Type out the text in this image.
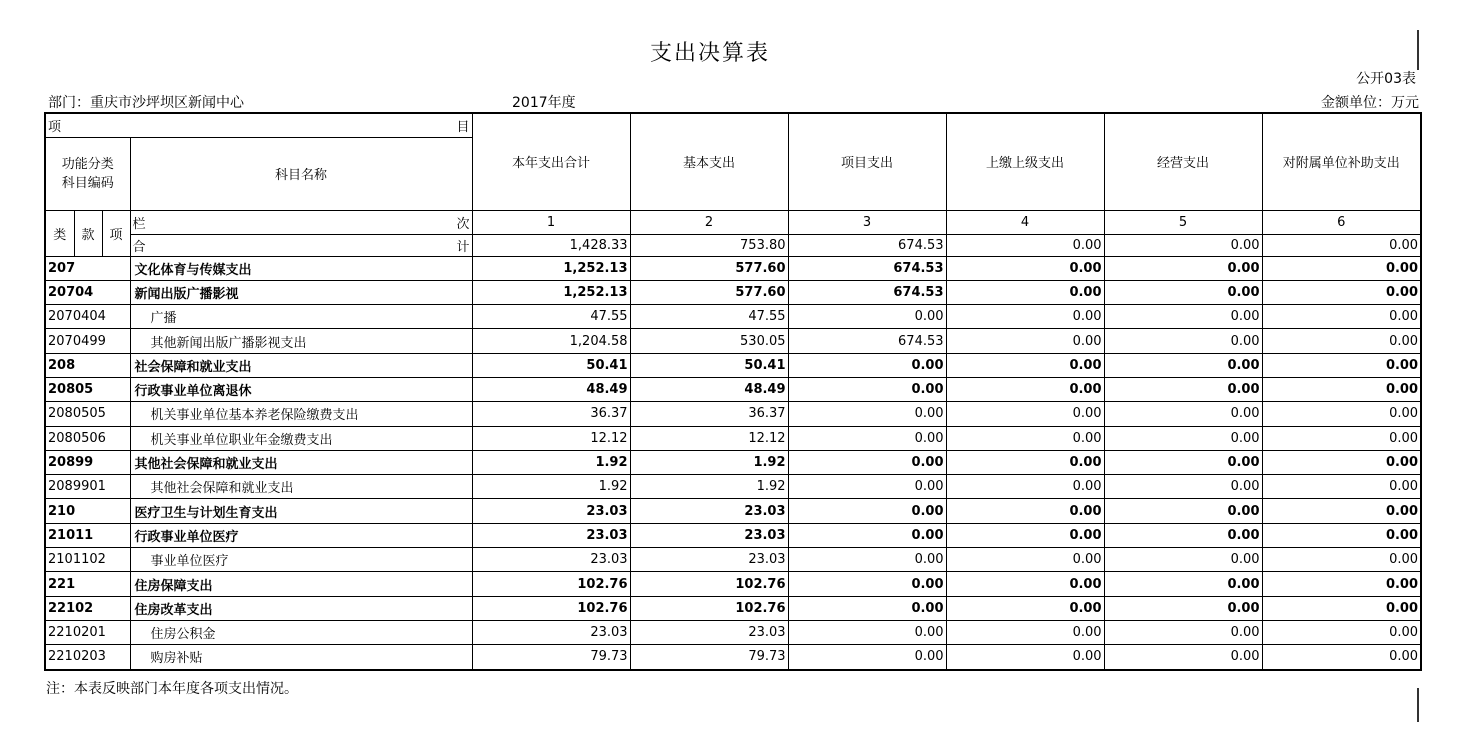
支出决算表
公开03表
部门：重庆市沙坪坝区新闻中心	2017年度	金额单位：万元
项 目				本年支出合计	基本支出	项目支出	上缴上级支出	经营支出	对附属单位补助支出
功能分类
科目编码			科目名称						
类	款	项	栏 次	1	2	3	4	5	6

			合 计	1,428.33	753.80	674.53	0.00	0.00	0.00
207			文化体育与传媒支出	1,252.13	577.60	674.53	0.00	0.00	0.00
20704			新闻出版广播影视	1,252.13	577.60	674.53	0.00	0.00	0.00
2070404			广播	47.55	47.55	0.00	0.00	0.00	0.00
2070499			其他新闻出版广播影视支出	1,204.58	530.05	674.53	0.00	0.00	0.00
208			社会保障和就业支出	50.41	50.41	0.00	0.00	0.00	0.00
20805			行政事业单位离退休	48.49	48.49	0.00	0.00	0.00	0.00
2080505			机关事业单位基本养老保险缴费支出	36.37	36.37	0.00	0.00	0.00	0.00
2080506			机关事业单位职业年金缴费支出	12.12	12.12	0.00	0.00	0.00	0.00
20899			其他社会保障和就业支出	1.92	1.92	0.00	0.00	0.00	0.00
2089901			其他社会保障和就业支出	1.92	1.92	0.00	0.00	0.00	0.00
210			医疗卫生与计划生育支出	23.03	23.03	0.00	0.00	0.00	0.00
21011			行政事业单位医疗	23.03	23.03	0.00	0.00	0.00	0.00
2101102			事业单位医疗	23.03	23.03	0.00	0.00	0.00	0.00
221			住房保障支出	102.76	102.76	0.00	0.00	0.00	0.00
22102			住房改革支出	102.76	102.76	0.00	0.00	0.00	0.00
2210201			住房公积金	23.03	23.03	0.00	0.00	0.00	0.00
2210203			购房补贴	79.73	79.73	0.00	0.00	0.00	0.00
注：本表反映部门本年度各项支出情况。
